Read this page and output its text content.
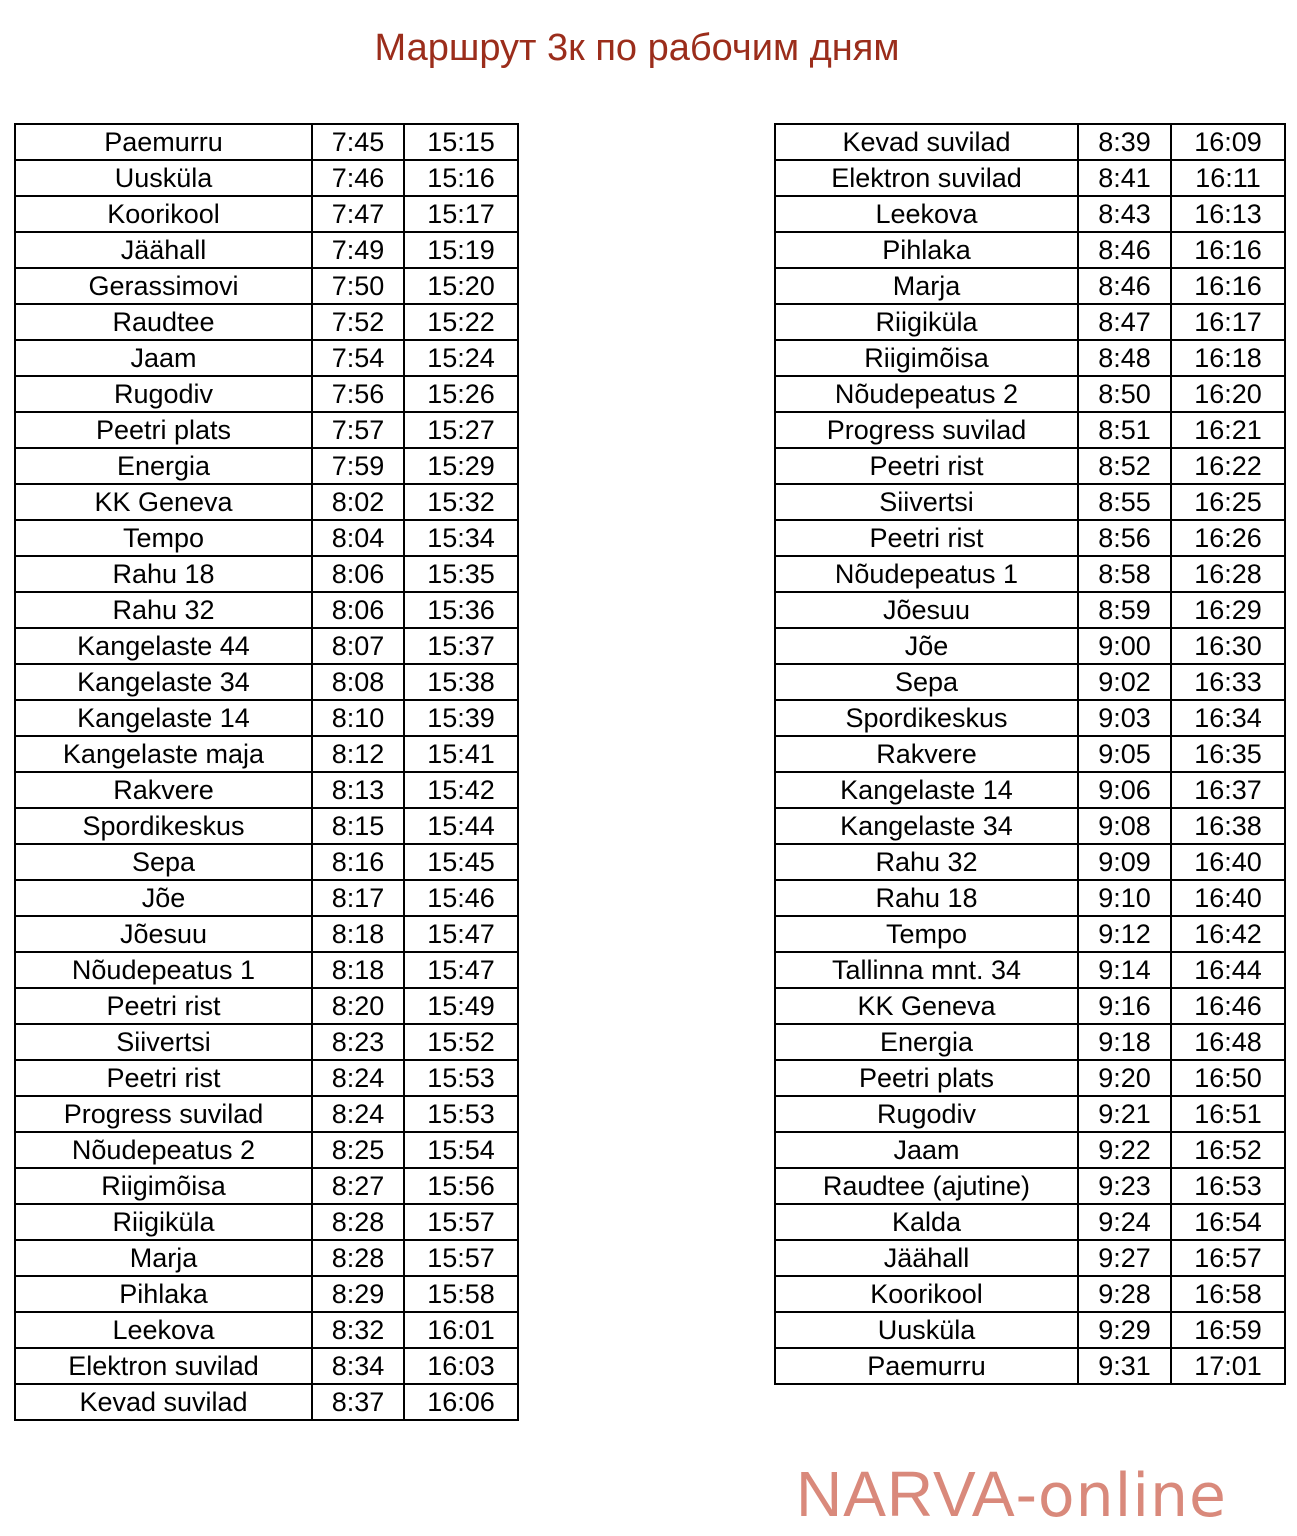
Маршрут 3к по рабочим дням
Paemurru	7:45	15:15
Uusküla	7:46	15:16
Koorikool	7:47	15:17
Jäähall	7:49	15:19
Gerassimovi	7:50	15:20
Raudtee	7:52	15:22
Jaam	7:54	15:24
Rugodiv	7:56	15:26
Peetri plats	7:57	15:27
Energia	7:59	15:29
KK Geneva	8:02	15:32
Tempo	8:04	15:34
Rahu 18	8:06	15:35
Rahu 32	8:06	15:36
Kangelaste 44	8:07	15:37
Kangelaste 34	8:08	15:38
Kangelaste 14	8:10	15:39
Kangelaste maja	8:12	15:41
Rakvere	8:13	15:42
Spordikeskus	8:15	15:44
Sepa	8:16	15:45
Jõe	8:17	15:46
Jõesuu	8:18	15:47
Nõudepeatus 1	8:18	15:47
Peetri rist	8:20	15:49
Siivertsi	8:23	15:52
Peetri rist	8:24	15:53
Progress suvilad	8:24	15:53
Nõudepeatus 2	8:25	15:54
Riigimõisa	8:27	15:56
Riigiküla	8:28	15:57
Marja	8:28	15:57
Pihlaka	8:29	15:58
Leekova	8:32	16:01
Elektron suvilad	8:34	16:03
Kevad suvilad	8:37	16:06
Kevad suvilad	8:39	16:09
Elektron suvilad	8:41	16:11
Leekova	8:43	16:13
Pihlaka	8:46	16:16
Marja	8:46	16:16
Riigiküla	8:47	16:17
Riigimõisa	8:48	16:18
Nõudepeatus 2	8:50	16:20
Progress suvilad	8:51	16:21
Peetri rist	8:52	16:22
Siivertsi	8:55	16:25
Peetri rist	8:56	16:26
Nõudepeatus 1	8:58	16:28
Jõesuu	8:59	16:29
Jõe	9:00	16:30
Sepa	9:02	16:33
Spordikeskus	9:03	16:34
Rakvere	9:05	16:35
Kangelaste 14	9:06	16:37
Kangelaste 34	9:08	16:38
Rahu 32	9:09	16:40
Rahu 18	9:10	16:40
Tempo	9:12	16:42
Tallinna mnt. 34	9:14	16:44
KK Geneva	9:16	16:46
Energia	9:18	16:48
Peetri plats	9:20	16:50
Rugodiv	9:21	16:51
Jaam	9:22	16:52
Raudtee (ajutine)	9:23	16:53
Kalda	9:24	16:54
Jäähall	9:27	16:57
Koorikool	9:28	16:58
Uusküla	9:29	16:59
Paemurru	9:31	17:01
NARVA-online
